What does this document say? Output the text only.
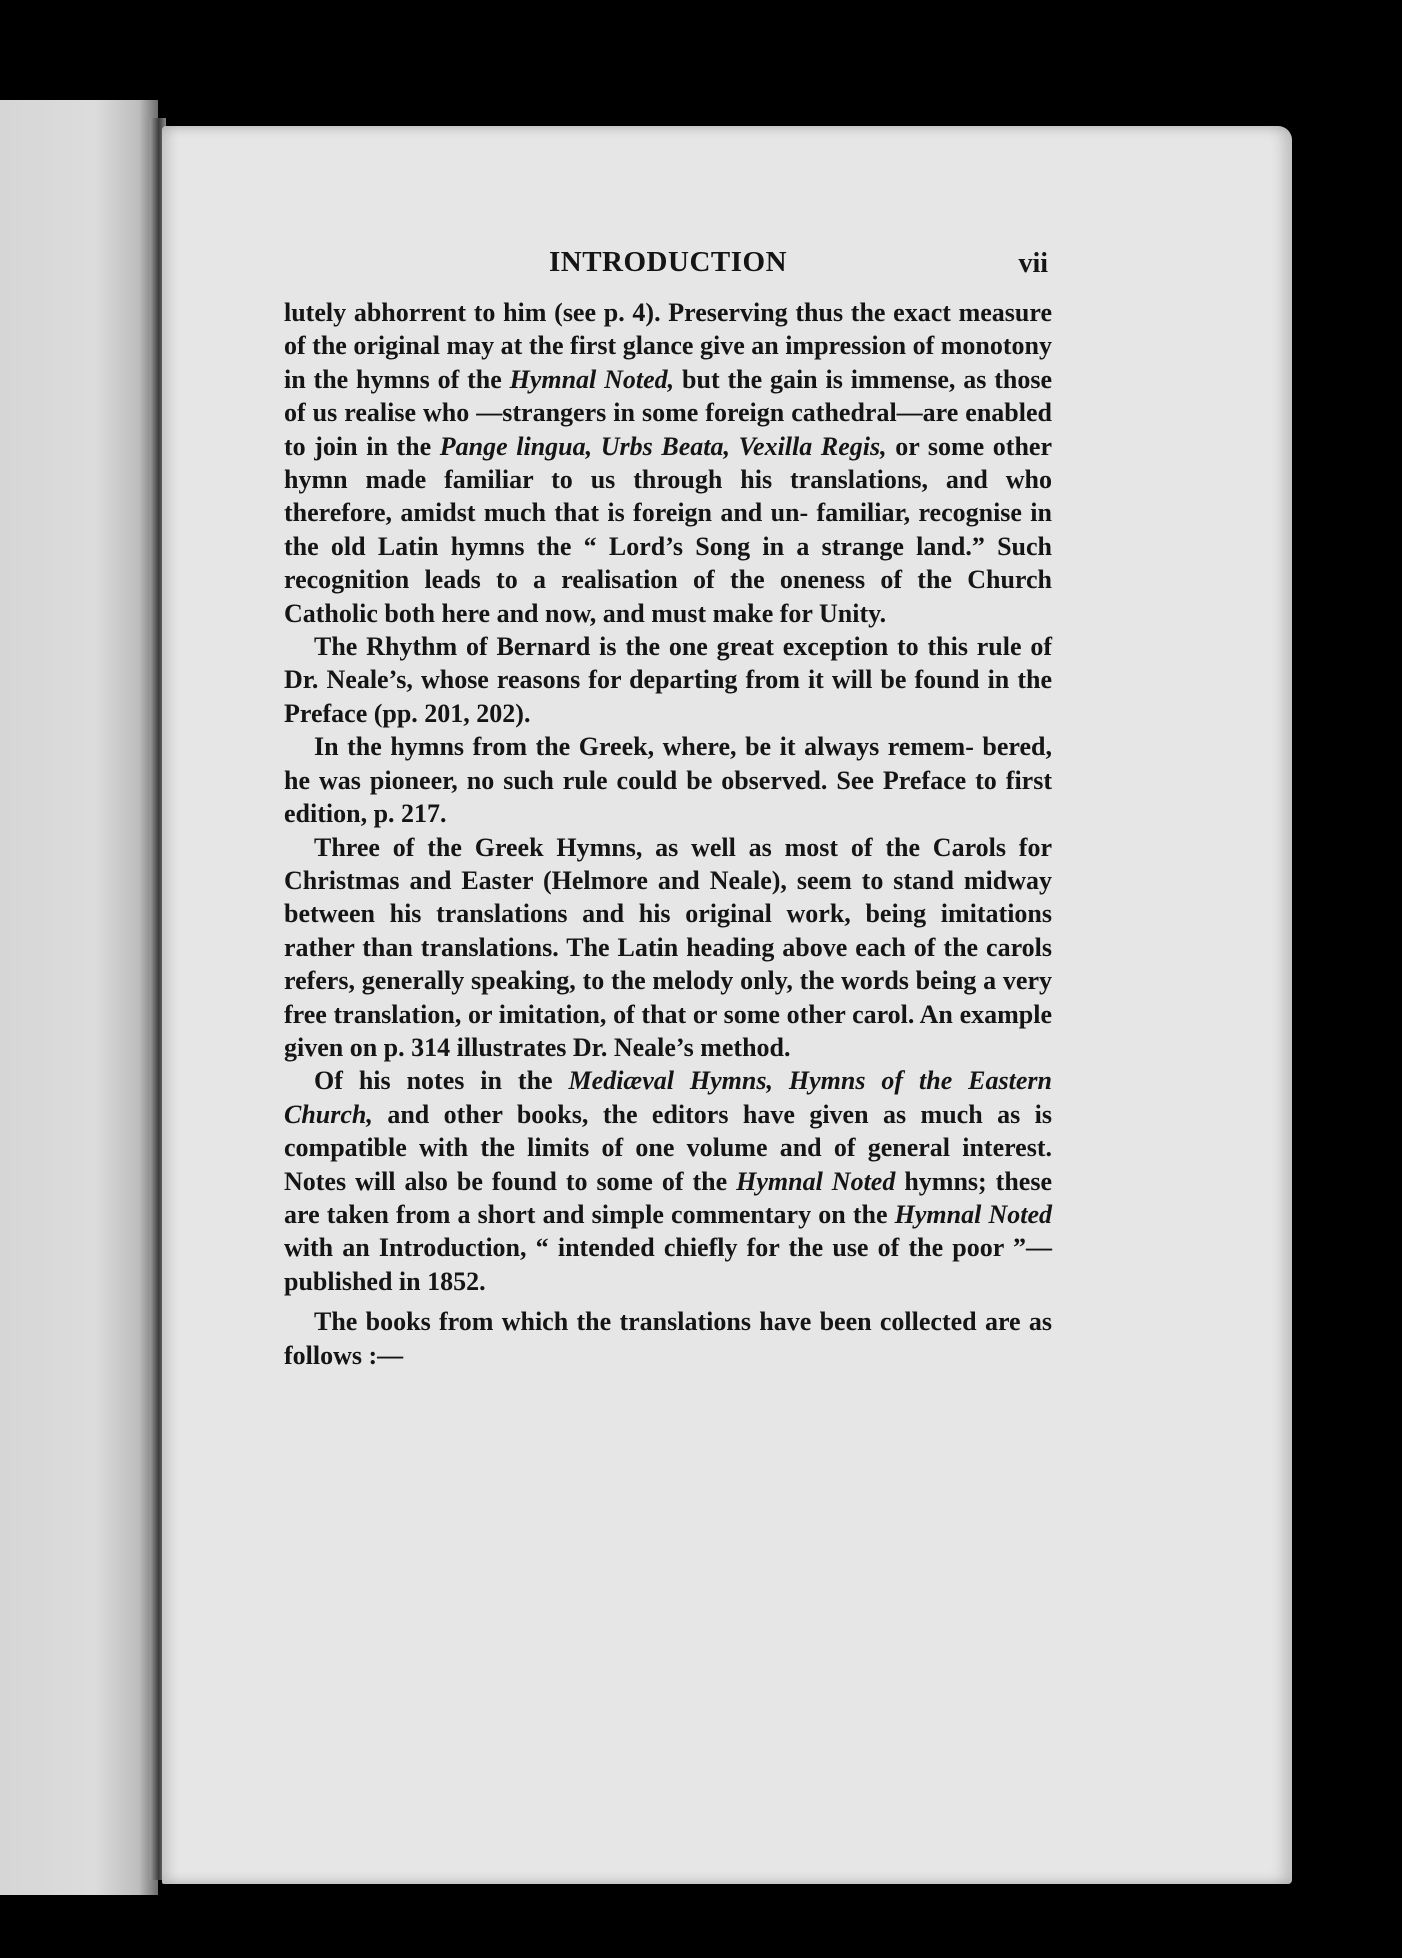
INTRODUCTION	vii

lutely abhorrent to him (see p. 4). Preserving thus the exact measure of the original may at the first glance give an impression of monotony in the hymns of the Hymnal Noted, but the gain is immense, as those of us realise who —strangers in some foreign cathedral—are enabled to join in the Pange lingua, Urbs Beata, Vexilla Regis, or some other hymn made familiar to us through his translations, and who therefore, amidst much that is foreign and un- familiar, recognise in the old Latin hymns the “ Lord’s Song in a strange land.” Such recognition leads to a realisation of the oneness of the Church Catholic both here and now, and must make for Unity.

The Rhythm of Bernard is the one great exception to this rule of Dr. Neale’s, whose reasons for departing from it will be found in the Preface (pp. 201, 202).

In the hymns from the Greek, where, be it always remem- bered, he was pioneer, no such rule could be observed. See Preface to first edition, p. 217.

Three of the Greek Hymns, as well as most of the Carols for Christmas and Easter (Helmore and Neale), seem to stand midway between his translations and his original work, being imitations rather than translations. The Latin heading above each of the carols refers, generally speaking, to the melody only, the words being a very free translation, or imitation, of that or some other carol. An example given on p. 314 illustrates Dr. Neale’s method.

Of his notes in the Mediæval Hymns, Hymns of the Eastern Church, and other books, the editors have given as much as is compatible with the limits of one volume and of general interest. Notes will also be found to some of the Hymnal Noted hymns; these are taken from a short and simple commentary on the Hymnal Noted with an Introduction, “ intended chiefly for the use of the poor ”—published in 1852.

The books from which the translations have been collected are as follows :—
